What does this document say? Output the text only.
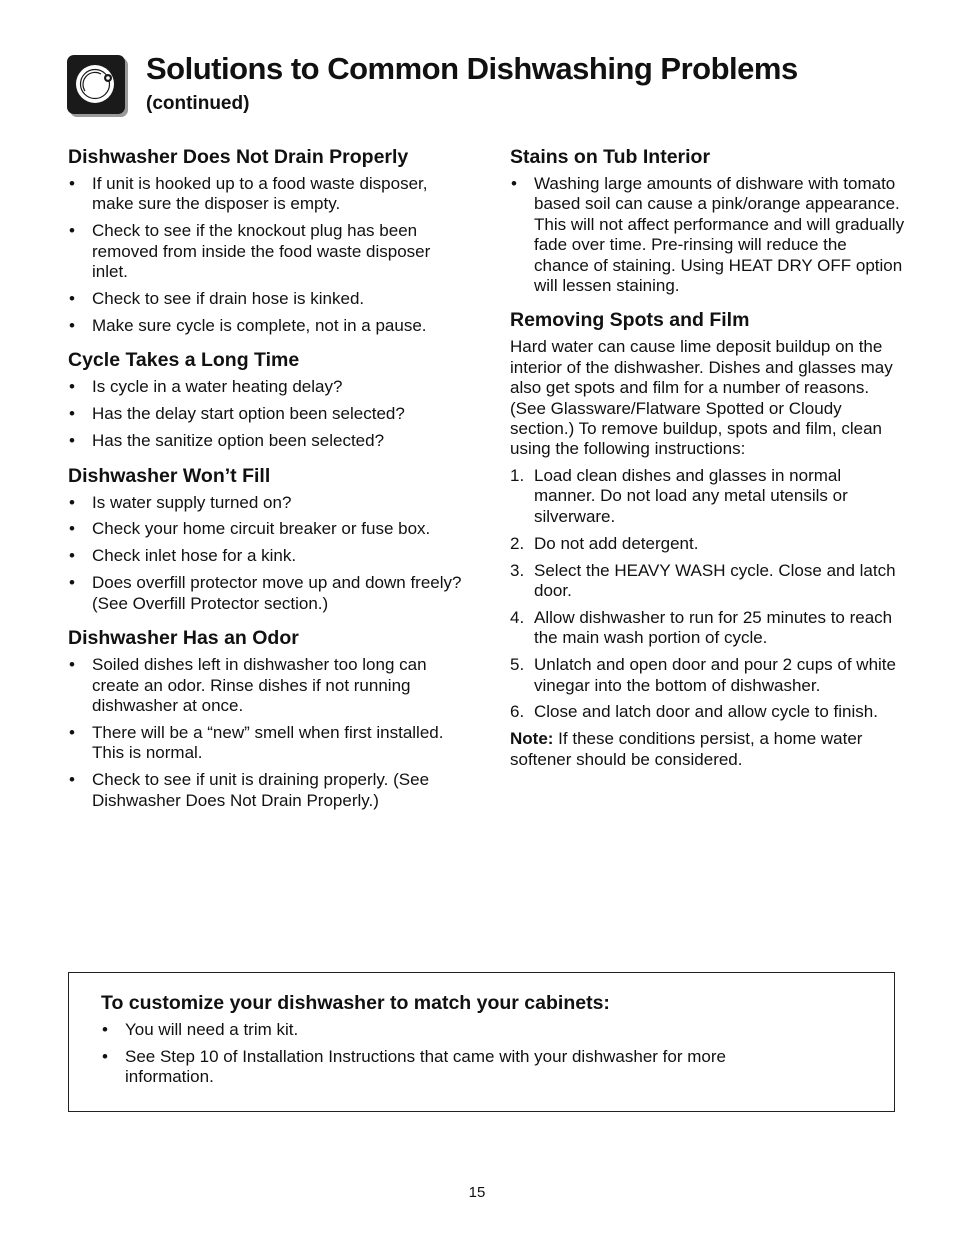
Solutions to Common Dishwashing Problems
(continued)
Dishwasher Does Not Drain Properly
• If unit is hooked up to a food waste disposer, make sure the disposer is empty.
• Check to see if the knockout plug has been removed from inside the food waste disposer inlet.
• Check to see if drain hose is kinked.
• Make sure cycle is complete, not in a pause.
Cycle Takes a Long Time
• Is cycle in a water heating delay?
• Has the delay start option been selected?
• Has the sanitize option been selected?
Dishwasher Won’t Fill
• Is water supply turned on?
• Check your home circuit breaker or fuse box.
• Check inlet hose for a kink.
• Does overfill protector move up and down freely? (See Overfill Protector section.)
Dishwasher Has an Odor
• Soiled dishes left in dishwasher too long can create an odor. Rinse dishes if not running dishwasher at once.
• There will be a “new” smell when first installed. This is normal.
• Check to see if unit is draining properly. (See Dishwasher Does Not Drain Properly.)
Stains on Tub Interior
• Washing large amounts of dishware with tomato based soil can cause a pink/orange appearance. This will not affect performance and will gradually fade over time. Pre-rinsing will reduce the chance of staining. Using HEAT DRY OFF option will lessen staining.
Removing Spots and Film

Hard water can cause lime deposit buildup on the interior of the dishwasher. Dishes and glasses may also get spots and film for a number of reasons. (See Glassware/Flatware Spotted or Cloudy section.) To remove buildup, spots and film, clean using the following instructions:

1. Load clean dishes and glasses in normal manner. Do not load any metal utensils or silverware.
2. Do not add detergent.
3. Select the HEAVY WASH cycle. Close and latch door.
4. Allow dishwasher to run for 25 minutes to reach the main wash portion of cycle.
5. Unlatch and open door and pour 2 cups of white vinegar into the bottom of dishwasher.
6. Close and latch door and allow cycle to finish.

Note: If these conditions persist, a home water softener should be considered.

To customize your dishwasher to match your cabinets:
• You will need a trim kit.
• See Step 10 of Installation Instructions that came with your dishwasher for more information.
15
